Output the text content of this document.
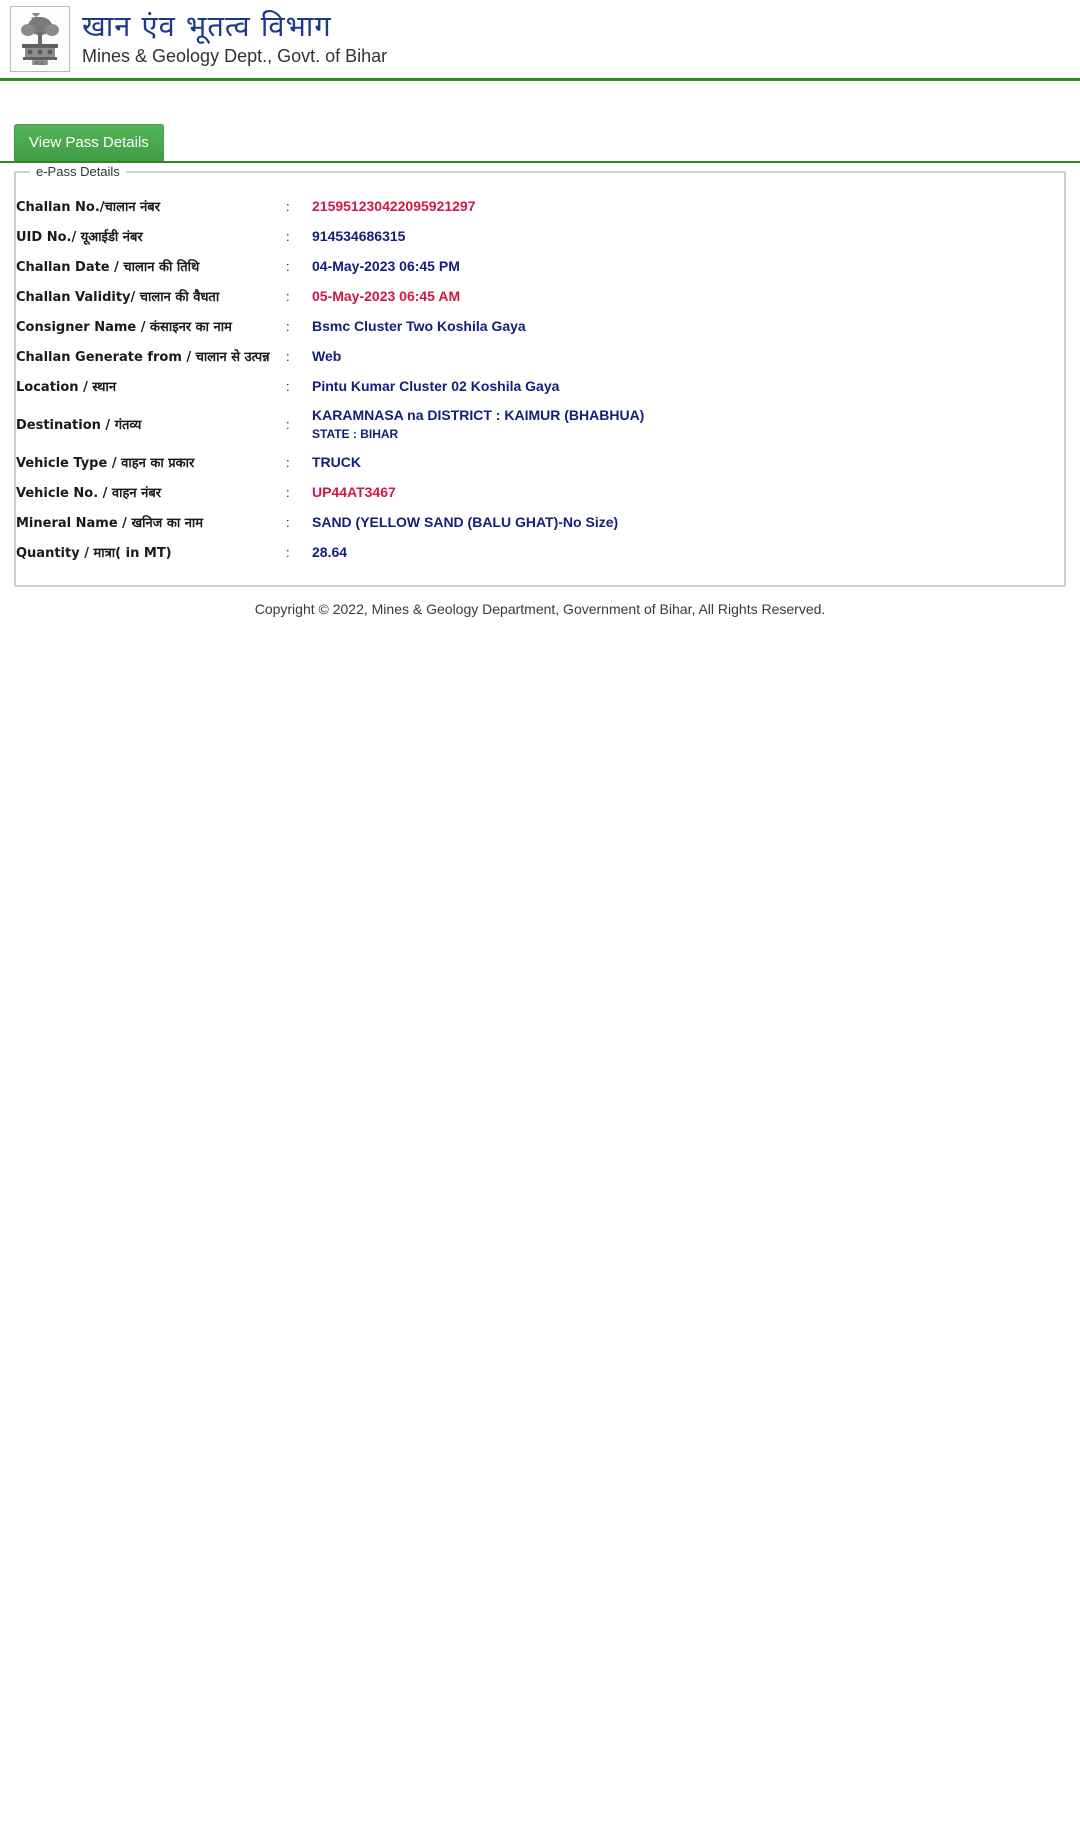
MGD
खान एंव भूतत्व विभाग
Mines & Geology Dept., Govt. of Bihar
View Pass Details
e-Pass Details
Challan No./चालान नंबर	:	215951230422095921297
UID No./ यूआईडी नंबर	:	914534686315
Challan Date / चालान की तिथि	:	04-May-2023 06:45 PM
Challan Validity/ चालान की वैधता	:	05-May-2023 06:45 AM
Consigner Name / कंसाइनर का नाम	:	Bsmc Cluster Two Koshila Gaya
Challan Generate from / चालान से उत्पन्न	:	Web
Location / स्थान	:	Pintu Kumar Cluster 02 Koshila Gaya
Destination / गंतव्य	:	KARAMNASA na DISTRICT : KAIMUR (BHABHUA)
STATE : BIHAR

Vehicle Type / वाहन का प्रकार	:	TRUCK
Vehicle No. / वाहन नंबर	:	UP44AT3467
Mineral Name / खनिज का नाम	:	SAND (YELLOW SAND (BALU GHAT)-No Size)
Quantity / मात्रा( in MT)	:	28.64
Copyright © 2022, Mines & Geology Department, Government of Bihar, All Rights Reserved.
